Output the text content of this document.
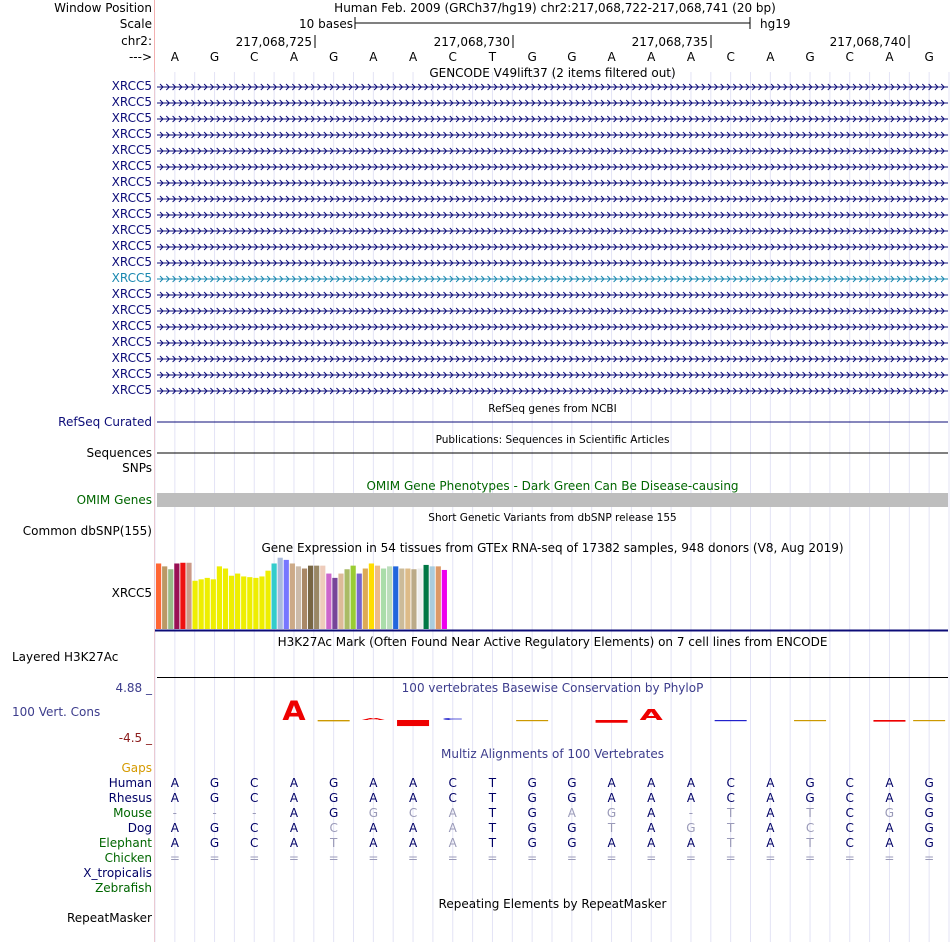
Window Position
Scale
chr2:
--->
Human Feb. 2009 (GRCh37/hg19) chr2:217,068,722-217,068,741 (20 bp)
10 bases	hg19
217,068,725	217,068,730	217,068,735	217,068,740
A	G	C	A	G	A	A	C	T	G	G	A	A	A	C	A	G	C	A	G
GENCODE V49lift37 (2 items filtered out)
XRCC5
XRCC5
XRCC5
XRCC5
XRCC5
XRCC5
XRCC5
XRCC5
XRCC5
XRCC5
XRCC5
XRCC5
XRCC5
XRCC5
XRCC5
XRCC5
XRCC5
XRCC5
XRCC5
XRCC5
RefSeq genes from NCBI
RefSeq Curated
Publications: Sequences in Scientific Articles
Sequences
SNPs
OMIM Gene Phenotypes - Dark Green Can Be Disease-causing
OMIM Genes
Short Genetic Variants from dbSNP release 155
Common dbSNP(155)
Gene Expression in 54 tissues from GTEx RNA-seq of 17382 samples, 948 donors (V8, Aug 2019)
XRCC5
H3K27Ac Mark (Often Found Near Active Regulatory Elements) on 7 cell lines from ENCODE
Layered H3K27Ac
100 vertebrates Basewise Conservation by PhyloP
100 Vert. Cons
4.88 _
-4.5 _
Multiz Alignments of 100 Vertebrates
Gaps
Human	A	G	C	A	G	A	A	C	T	G	G	A	A	A	C	A	G	C	A	G
Rhesus	A	G	C	A	G	A	A	C	T	G	G	A	A	A	C	A	G	C	A	G
Mouse	-	-	-	A	G	G	C	A	T	G	A	G	A	-	T	A	T	C	G	G
Dog	A	G	C	A	C	A	A	A	T	G	G	T	A	G	T	A	C	C	A	G
Elephant	A	G	C	A	T	A	A	A	T	G	G	A	A	A	T	A	T	C	A	G
Chicken	=	=	=	=	=	=	=	=	=	=	=	=	=	=	=	=	=	=	=	=
X_tropicalis
Zebrafish
Repeating Elements by RepeatMasker
RepeatMasker
A A C	A
